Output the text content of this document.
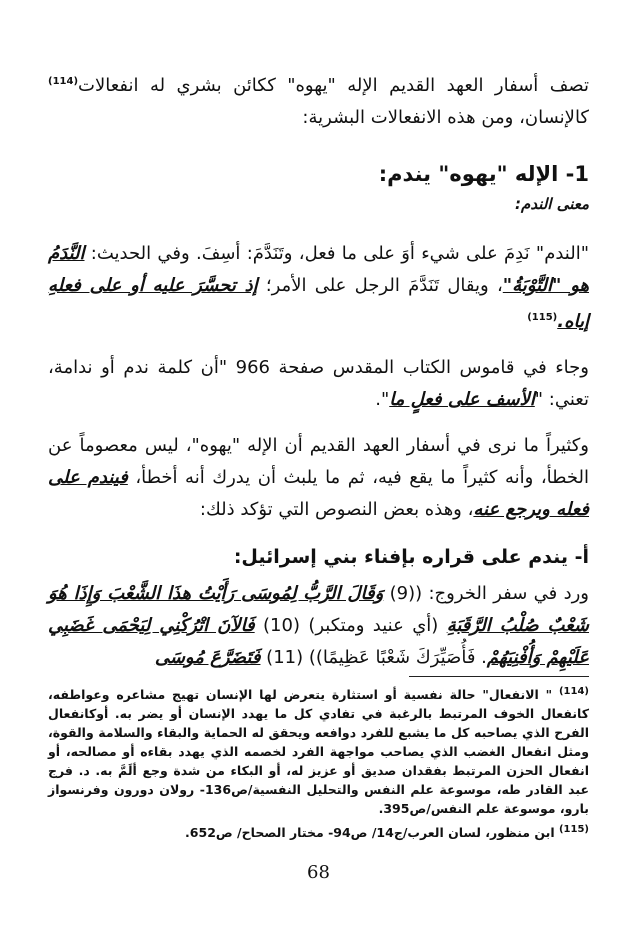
تصف أسفار العهد القديم الإله "يهوه" ككائن بشري له انفعالات$^{(114)}$ كالإنسان، ومن هذه الانفعالات البشرية:

1- الإله "يهوه" يندم:

معنى الندم:

"الندم" نَدِمَ على شيء أوَ على ما فعل، وتَنَدَّمَ: أسِفَ. وفي الحديث: النَّدَمُ هو "التَّوْبَةُ"، ويقال تَنَدَّمَ الرجل على الأمر؛ إذ تحسَّرَ عليه أو على فعلهِ إياه.$^{(115)}$

وجاء في قاموس الكتاب المقدس صفحة 966 "أن كلمة ندم أو ندامة، تعني: "الأسف على فعلٍ ما".

وكثيراً ما نرى في أسفار العهد القديم أن الإله "يهوه"، ليس معصوماً عن الخطأ، وأنه كثيراً ما يقع فيه، ثم ما يلبث أن يدرك أنه أخطأ، فيندم على فعله ويرجع عنه، وهذه بعض النصوص التي تؤكد ذلك:

أ- يندم على قراره بإفناء بني إسرائيل:

ورد في سفر الخروج: ((9) وَقَالَ الرَّبُّ لِمُوسَى رَأَيْتُ هذَا الشَّعْبَ وَإِذَا هُوَ شَعْبٌ صُلْبُ الرَّقَبَةِ (أي عنيد ومتكبر) (10) فَالآنَ اتْرُكْنِي لِيَحْمَى غَضَبِي عَلَيْهِمْ وَأُفْنِيَهُمْ. فَأُصَيِّرَكَ شَعْبًا عَظِيمًا)) (11) فَتَضَرَّعَ مُوسَى

$^{(114)}$ " الانفعال" حالة نفسية أو استثارة يتعرض لها الإنسان تهيج مشاعره وعواطفه، كانفعال الخوف المرتبط بالرغبة في تفادي كل ما يهدد الإنسان أو يضر به. أوكانفعال الفرح الذي يصاحبه كل ما يشبع للفرد دوافعه ويحقق له الحماية والبقاء والسلامة والقوة، ومثل انفعال الغضب الذي يصاحب مواجهة الفرد لخصمه الذي يهدد بقاءه أو مصالحه، أو انفعال الحزن المرتبط بفقدان صديق أو عزيز له، أو البكاء من شدة وجع ألَمَّ به. د. فرج عبد القادر طه، موسوعة علم النفس والتحليل النفسية/ص136- رولان دورون وفرنسواز بارو، موسوعة علم النفس/ص395.

$^{(115)}$ ابن منظور، لسان العرب/ج14/ ص94- مختار الصحاح/ ص652.

68
